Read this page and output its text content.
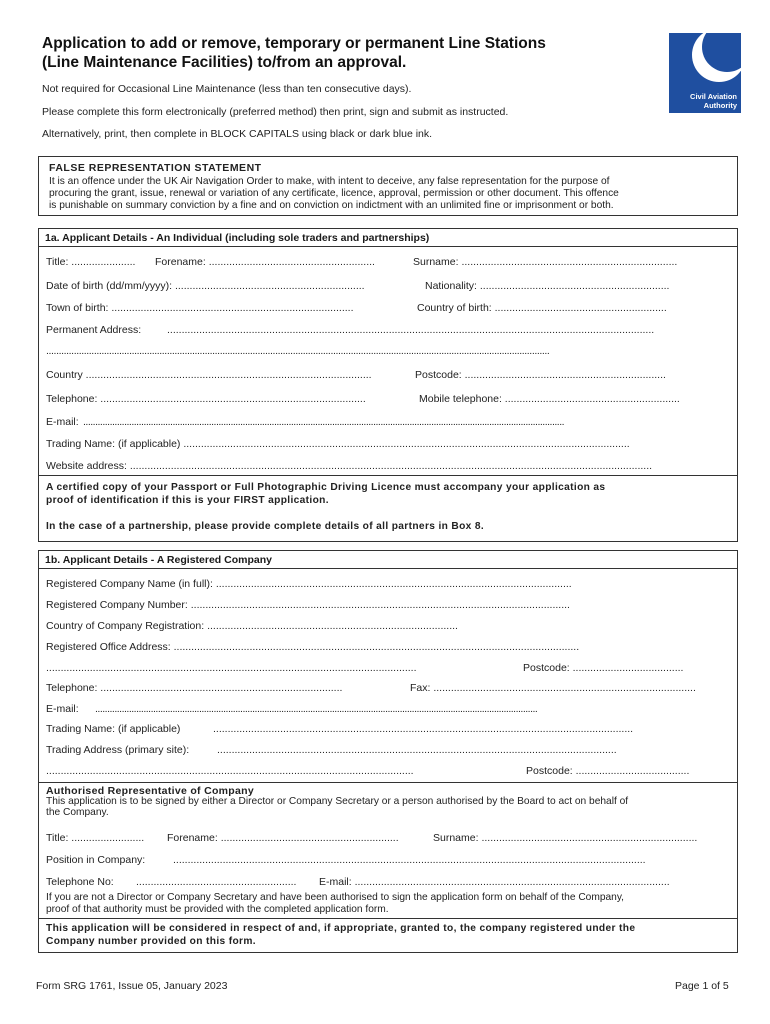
Application to add or remove, temporary or permanent Line Stations
(Line Maintenance Facilities) to/from an approval.
Not required for Occasional Line Maintenance (less than ten consecutive days).
Please complete this form electronically (preferred method) then print, sign and submit as instructed.
Alternatively, print, then complete in BLOCK CAPITALS using black or dark blue ink.
Civil Aviation
Authority
FALSE REPRESENTATION STATEMENT
It is an offence under the UK Air Navigation Order to make, with intent to deceive, any false representation for the purpose of
procuring the grant, issue, renewal or variation of any certificate, licence, approval, permission or other document. This offence
is punishable on summary conviction by a fine and on conviction on indictment with an unlimited fine or imprisonment or both.
1a. Applicant Details - An Individual (including sole traders and partnerships)
Title: ...................... Forename: .........................................................	Surname: ..........................................................................
Date of birth (dd/mm/yyyy): .................................................................	Nationality: .................................................................
Town of birth: ...................................................................................	Country of birth: ...........................................................
Permanent Address: .......................................................................................................................................................................
........................................................................................................................................................................................................
Country ..................................................................................................	Postcode: .....................................................................
Telephone: ...........................................................................................	Mobile telephone: ............................................................
E-mail: .......................................................................................................................................................................................................
Trading Name: (if applicable) .........................................................................................................................................................
Website address: ...................................................................................................................................................................................
A certified copy of your Passport or Full Photographic Driving Licence must accompany your application as
proof of identification if this is your FIRST application.
In the case of a partnership, please provide complete details of all partners in Box 8.
1b. Applicant Details - A Registered Company
Registered Company Name (in full): ..........................................................................................................................
Registered Company Number: ..................................................................................................................................
Country of Company Registration: ......................................................................................
Registered Office Address: ...........................................................................................................................................
...............................................................................................................................	Postcode: ......................................
Telephone: ...................................................................................	Fax: ..........................................................................................
E-mail: .......................................................................................................................................................................................
Trading Name: (if applicable)	................................................................................................................................................
Trading Address (primary site):	.........................................................................................................................................
..............................................................................................................................	Postcode: .......................................
Authorised Representative of Company
This application is to be signed by either a Director or Company Secretary or a person authorised by the Board to act on behalf of
the Company.
Title: ......................... Forename: .............................................................	Surname: ..........................................................................
Position in Company:	..................................................................................................................................................................
Telephone No: ....................................................... E-mail: ............................................................................................................
If you are not a Director or Company Secretary and have been authorised to sign the application form on behalf of the Company,
proof of that authority must be provided with the completed application form.
This application will be considered in respect of and, if appropriate, granted to, the company registered under the
Company number provided on this form.
Form SRG 1761, Issue 05, January 2023	Page 1 of 5
